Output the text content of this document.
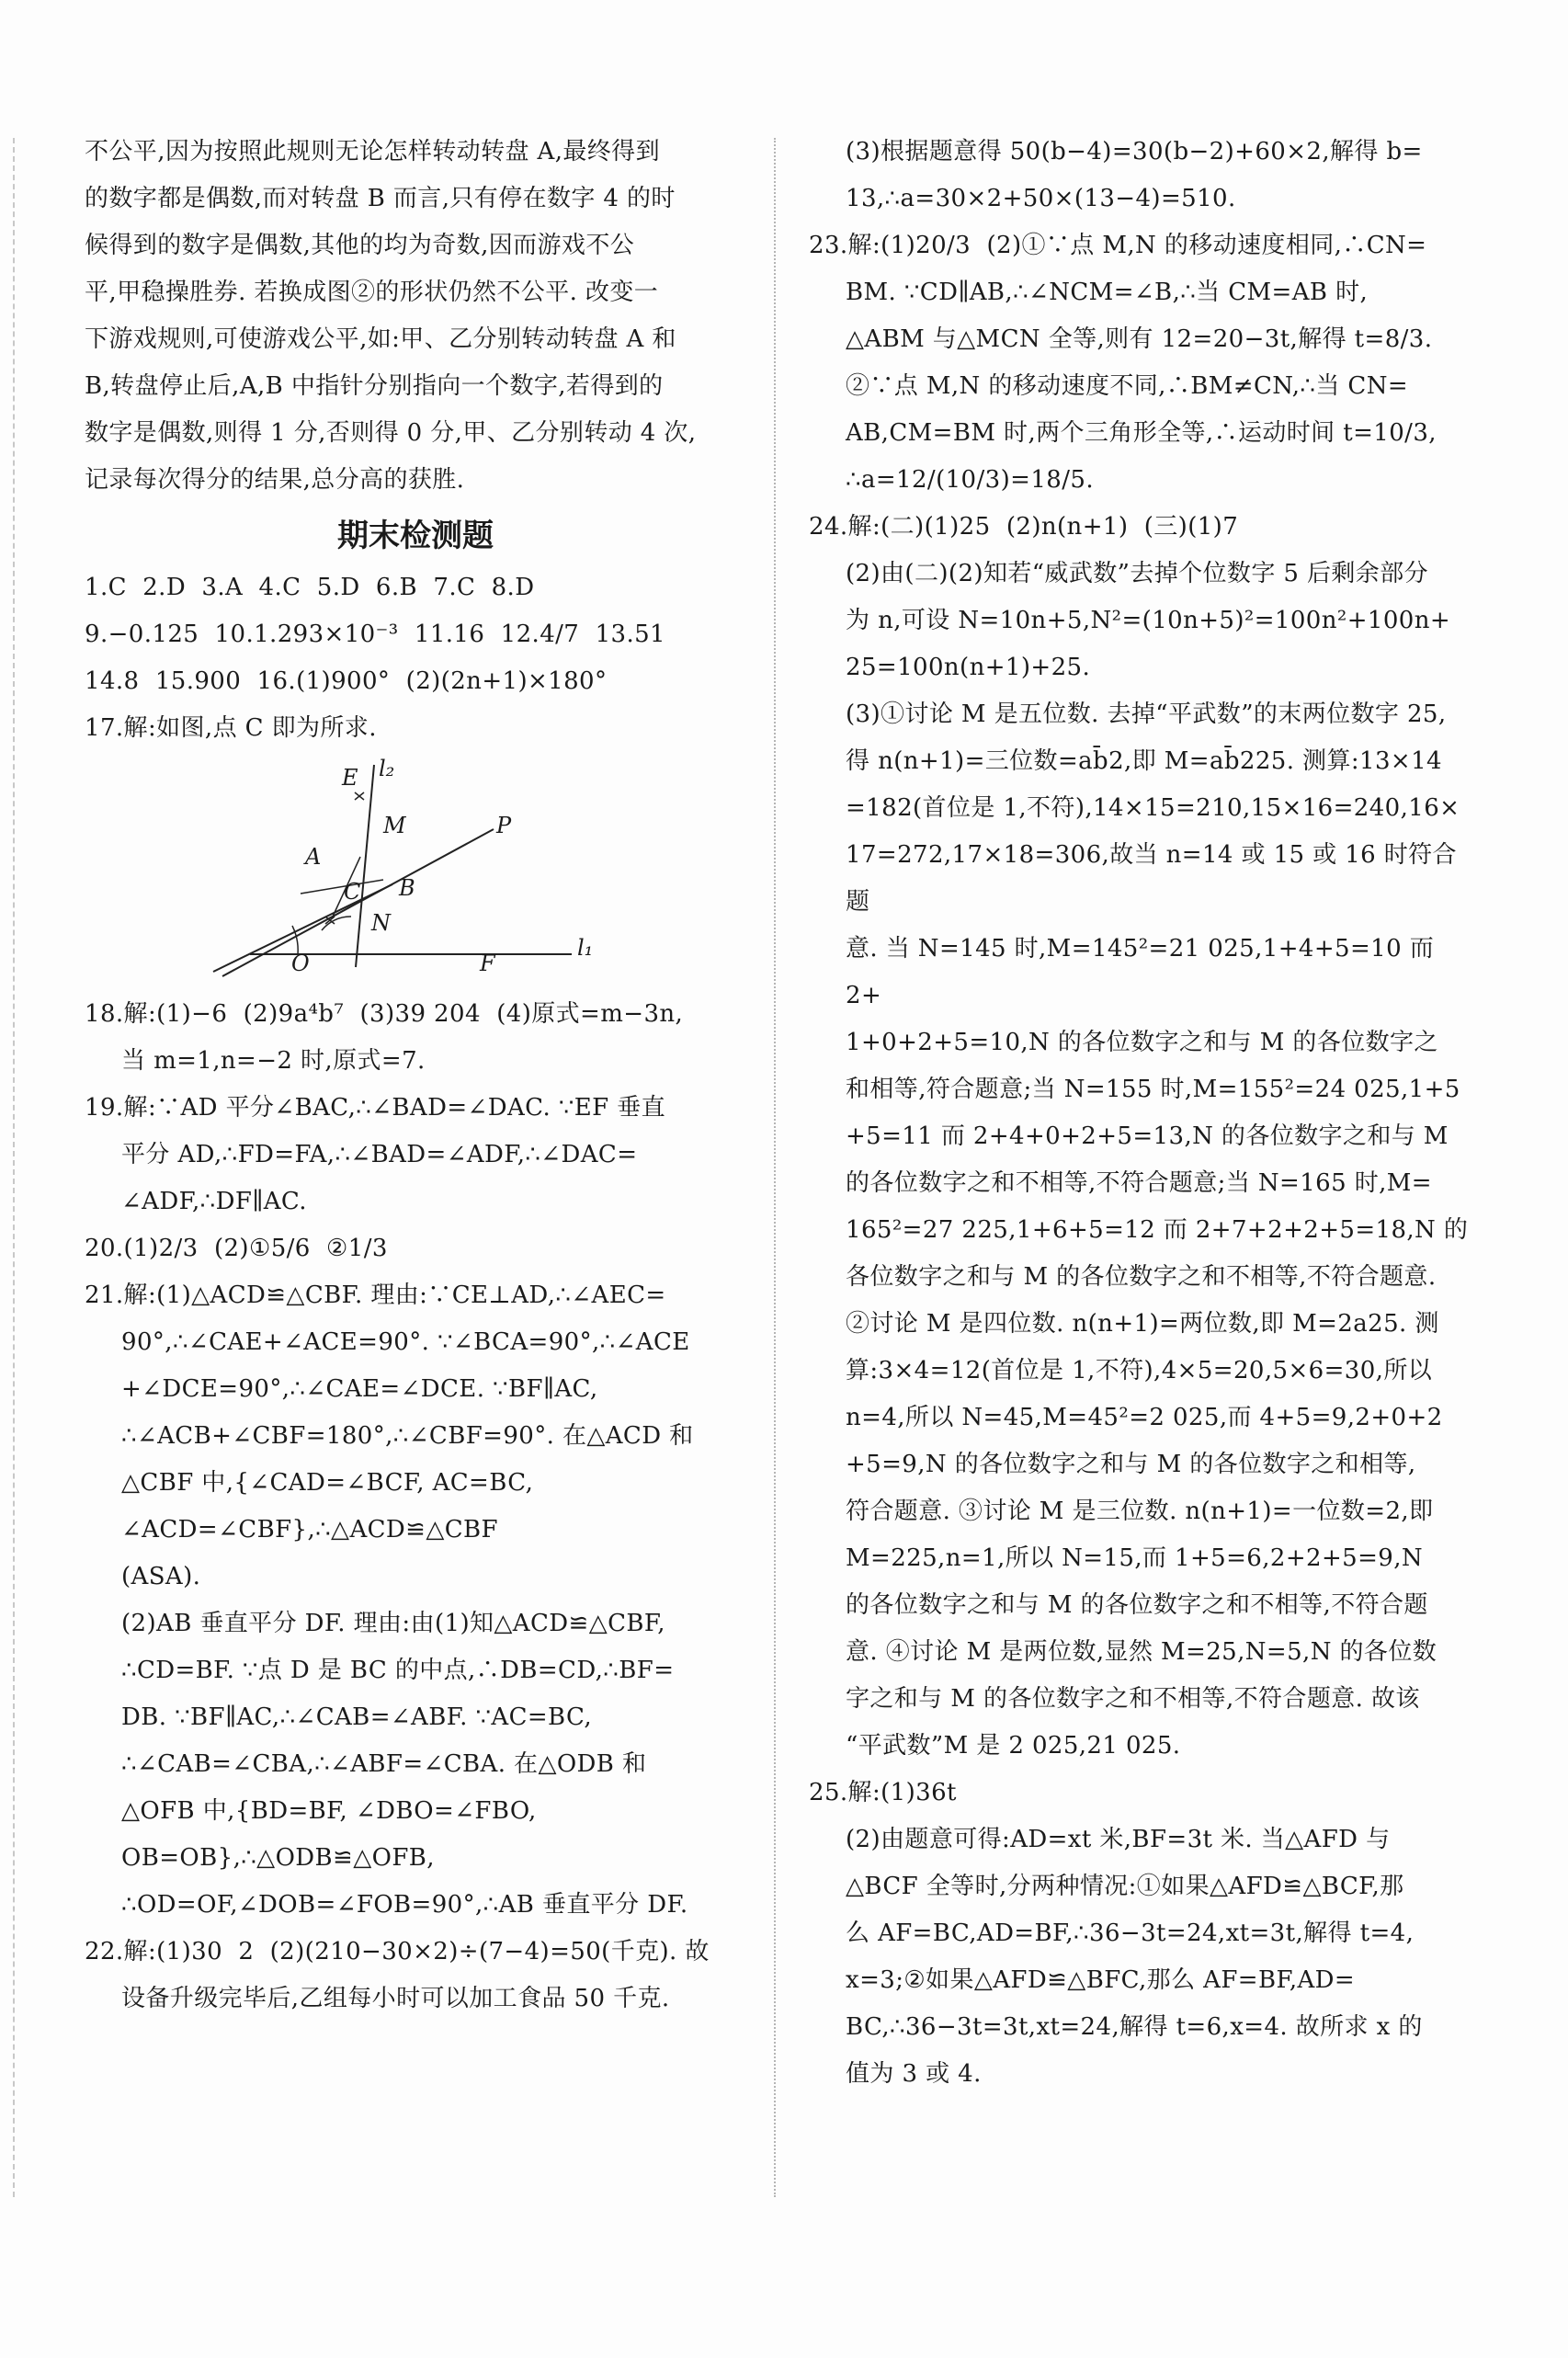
不公平,因为按照此规则无论怎样转动转盘 A,最终得到

的数字都是偶数,而对转盘 B 而言,只有停在数字 4 的时

候得到的数字是偶数,其他的均为奇数,因而游戏不公

平,甲稳操胜券. 若换成图②的形状仍然不公平. 改变一

下游戏规则,可使游戏公平,如:甲、乙分别转动转盘 A 和

B,转盘停止后,A,B 中指针分别指向一个数字,若得到的

数字是偶数,则得 1 分,否则得 0 分,甲、乙分别转动 4 次,

记录每次得分的结果,总分高的获胜.

期末检测题

1.C  2.D  3.A  4.C  5.D  6.B  7.C  8.D

9.−0.125  10.1.293×10⁻³  11.16  12.4/7  13.51

14.8  15.900  16.(1)900°  (2)(2n+1)×180°

17.解:如图,点 C 即为所求.

l₂
E
M	P
A
C B
N
O	F
l₁

18.解:(1)−6  (2)9a⁴b⁷  (3)39 204  (4)原式=m−3n,

当 m=1,n=−2 时,原式=7.

19.解:∵AD 平分∠BAC,∴∠BAD=∠DAC. ∵EF 垂直

平分 AD,∴FD=FA,∴∠BAD=∠ADF,∴∠DAC=

∠ADF,∴DF∥AC.

20.(1)2/3  (2)①5/6  ②1/3

21.解:(1)△ACD≌△CBF. 理由:∵CE⊥AD,∴∠AEC=

90°,∴∠CAE+∠ACE=90°. ∵∠BCA=90°,∴∠ACE

+∠DCE=90°,∴∠CAE=∠DCE. ∵BF∥AC,

∴∠ACB+∠CBF=180°,∴∠CBF=90°. 在△ACD 和

△CBF 中,{∠CAD=∠BCF, AC=BC, ∠ACD=∠CBF},∴△ACD≌△CBF

(ASA).

(2)AB 垂直平分 DF. 理由:由(1)知△ACD≌△CBF,

∴CD=BF. ∵点 D 是 BC 的中点,∴DB=CD,∴BF=

DB. ∵BF∥AC,∴∠CAB=∠ABF. ∵AC=BC,

∴∠CAB=∠CBA,∴∠ABF=∠CBA. 在△ODB 和

△OFB 中,{BD=BF, ∠DBO=∠FBO, OB=OB},∴△ODB≌△OFB,

∴OD=OF,∠DOB=∠FOB=90°,∴AB 垂直平分 DF.

22.解:(1)30  2  (2)(210−30×2)÷(7−4)=50(千克). 故

设备升级完毕后,乙组每小时可以加工食品 50 千克.

(3)根据题意得 50(b−4)=30(b−2)+60×2,解得 b=

13,∴a=30×2+50×(13−4)=510.

23.解:(1)20/3  (2)①∵点 M,N 的移动速度相同,∴CN=

BM. ∵CD∥AB,∴∠NCM=∠B,∴当 CM=AB 时,

△ABM 与△MCN 全等,则有 12=20−3t,解得 t=8/3.

②∵点 M,N 的移动速度不同,∴BM≠CN,∴当 CN=

AB,CM=BM 时,两个三角形全等,∴运动时间 t=10/3,

∴a=12/(10/3)=18/5.

24.解:(二)(1)25  (2)n(n+1)  (三)(1)7

(2)由(二)(2)知若“威武数”去掉个位数字 5 后剩余部分

为 n,可设 N=10n+5,N²=(10n+5)²=100n²+100n+

25=100n(n+1)+25.

(3)①讨论 M 是五位数. 去掉“平武数”的末两位数字 25,

得 n(n+1)=三位数=ab̄2,即 M=ab̄225. 测算:13×14

=182(首位是 1,不符),14×15=210,15×16=240,16×

17=272,17×18=306,故当 n=14 或 15 或 16 时符合题

意. 当 N=145 时,M=145²=21 025,1+4+5=10 而 2+

1+0+2+5=10,N 的各位数字之和与 M 的各位数字之

和相等,符合题意;当 N=155 时,M=155²=24 025,1+5

+5=11 而 2+4+0+2+5=13,N 的各位数字之和与 M

的各位数字之和不相等,不符合题意;当 N=165 时,M=

165²=27 225,1+6+5=12 而 2+7+2+2+5=18,N 的

各位数字之和与 M 的各位数字之和不相等,不符合题意.

②讨论 M 是四位数. n(n+1)=两位数,即 M=2a25. 测

算:3×4=12(首位是 1,不符),4×5=20,5×6=30,所以

n=4,所以 N=45,M=45²=2 025,而 4+5=9,2+0+2

+5=9,N 的各位数字之和与 M 的各位数字之和相等,

符合题意. ③讨论 M 是三位数. n(n+1)=一位数=2,即

M=225,n=1,所以 N=15,而 1+5=6,2+2+5=9,N

的各位数字之和与 M 的各位数字之和不相等,不符合题

意. ④讨论 M 是两位数,显然 M=25,N=5,N 的各位数

字之和与 M 的各位数字之和不相等,不符合题意. 故该

“平武数”M 是 2 025,21 025.

25.解:(1)36t

(2)由题意可得:AD=xt 米,BF=3t 米. 当△AFD 与

△BCF 全等时,分两种情况:①如果△AFD≌△BCF,那

么 AF=BC,AD=BF,∴36−3t=24,xt=3t,解得 t=4,

x=3;②如果△AFD≌△BFC,那么 AF=BF,AD=

BC,∴36−3t=3t,xt=24,解得 t=6,x=4. 故所求 x 的

值为 3 或 4.
